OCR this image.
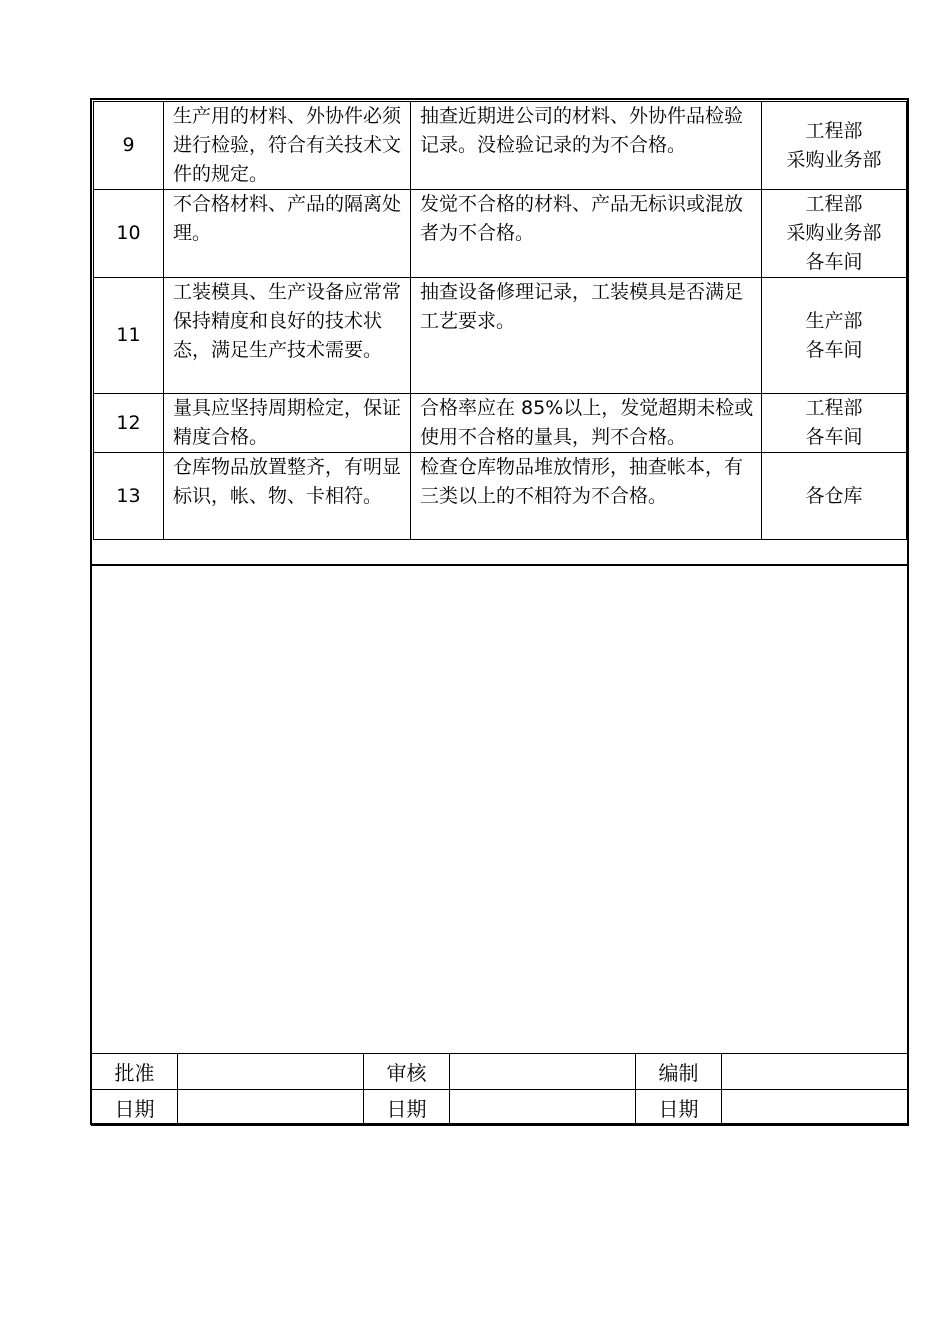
9	生产用的材料、外协件必须进行检验，符合有关技术文件的规定。	抽查近期进公司的材料、外协件品检验记录。没检验记录的为不合格。	工程部
采购业务部

10	不合格材料、产品的隔离处理。	发觉不合格的材料、产品无标识或混放者为不合格。	工程部
采购业务部
各车间

11	工装模具、生产设备应常常保持精度和良好的技术状态，满足生产技术需要。	抽查设备修理记录，工装模具是否满足工艺要求。	生产部
各车间

12	量具应坚持周期检定，保证精度合格。	合格率应在 85%以上，发觉超期未检或使用不合格的量具，判不合格。	工程部
各车间

13	仓库物品放置整齐，有明显标识，帐、物、卡相符。	检查仓库物品堆放情形，抽查帐本，有三类以上的不相符为不合格。	各仓库
批准		审核		编制	
日期		日期		日期	
